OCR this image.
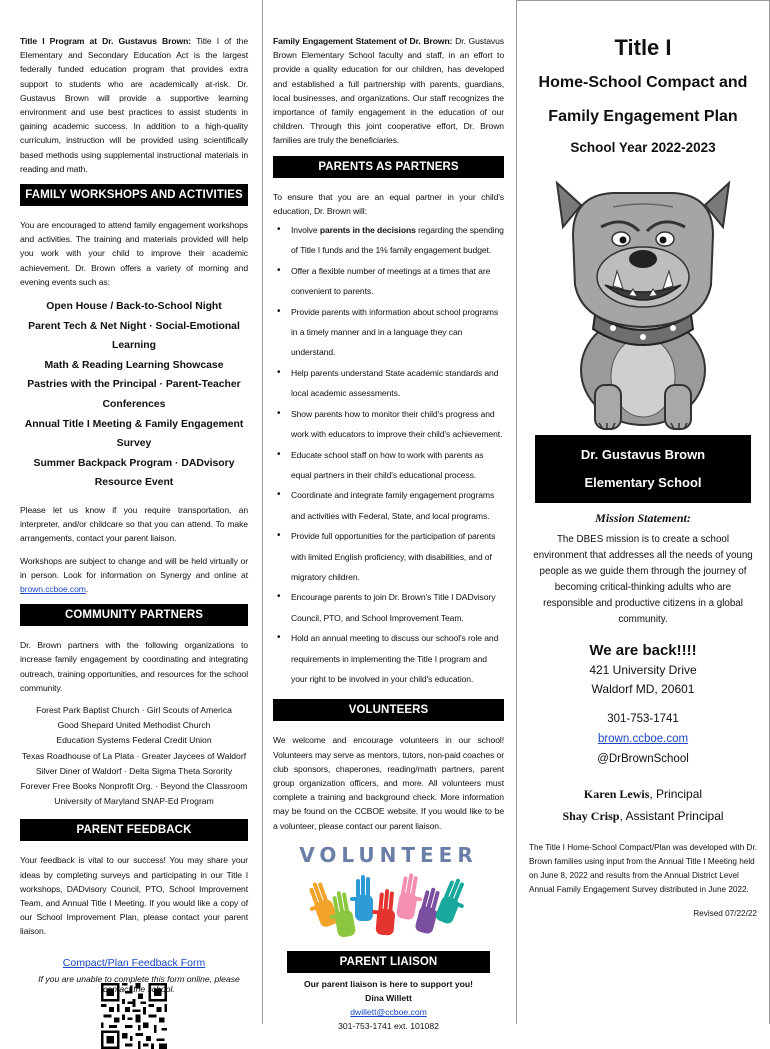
Title I Program at Dr. Gustavus Brown: Title I of the Elementary and Secondary Education Act is the largest federally funded education program that provides extra support to students who are academically at-risk. Dr. Gustavus Brown will provide a supportive learning environment and use best practices to assist students in gaining academic success. In addition to a high-quality curriculum, instruction will be provided using scientifically based methods using supplemental instructional materials in reading and math.

FAMILY WORKSHOPS AND ACTIVITIES

You are encouraged to attend family engagement workshops and activities. The training and materials provided will help you work with your child to improve their academic achievement. Dr. Brown offers a variety of morning and evening events such as:

Open House / Back-to-School Night
Parent Tech & Net Night · Social-Emotional Learning
Math & Reading Learning Showcase
Pastries with the Principal · Parent-Teacher Conferences
Annual Title I Meeting & Family Engagement Survey
Summer Backpack Program · DADvisory Resource Event

Please let us know if you require transportation, an interpreter, and/or childcare so that you can attend. To make arrangements, contact your parent liaison.

Workshops are subject to change and will be held virtually or in person. Look for information on Synergy and online at brown.ccboe.com.

COMMUNITY PARTNERS

Dr. Brown partners with the following organizations to increase family engagement by coordinating and integrating outreach, training opportunities, and resources for the school community.

Forest Park Baptist Church · Girl Scouts of America
Good Shepard United Methodist Church
Education Systems Federal Credit Union
Texas Roadhouse of La Plata · Greater Jaycees of Waldorf
Silver Diner of Waldorf · Delta Sigma Theta Sorority
Forever Free Books Nonprofit Org. · Beyond the Classroom
University of Maryland SNAP-Ed Program
PARENT FEEDBACK

Your feedback is vital to our success! You may share your ideas by completing surveys and participating in our Title I workshops, DADvisory Council, PTO, School Improvement Team, and Annual Title I Meeting. If you would like a copy of our School Improvement Plan, please contact your parent liaison.

Compact/Plan Feedback Form
If you are unable to complete this form online, please contact the school.

Family Engagement Statement of Dr. Brown: Dr. Gustavus Brown Elementary School faculty and staff, in an effort to provide a quality education for our children, has developed and established a full partnership with parents, guardians, local businesses, and organizations. Our staff recognizes the importance of family engagement in the education of our children. Through this joint cooperative effort, Dr. Brown families are truly the beneficiaries.

PARENTS AS PARTNERS

To ensure that you are an equal partner in your child's education, Dr. Brown will:

• Involve parents in the decisions regarding the spending of Title I funds and the 1% family engagement budget.
• Offer a flexible number of meetings at a times that are convenient to parents.
• Provide parents with information about school programs in a timely manner and in a language they can understand.
• Help parents understand State academic standards and local academic assessments.
• Show parents how to monitor their child's progress and work with educators to improve their child's achievement.
• Educate school staff on how to work with parents as equal partners in their child's educational process.
• Coordinate and integrate family engagement programs and activities with Federal, State, and local programs.
• Provide full opportunities for the participation of parents with limited English proficiency, with disabilities, and of migratory children.
• Encourage parents to join Dr. Brown's Title I DADvisory Council, PTO, and School Improvement Team.
• Hold an annual meeting to discuss our school's role and requirements in implementing the Title I program and your right to be involved in your child's education.
VOLUNTEERS

We welcome and encourage volunteers in our school! Volunteers may serve as mentors, tutors, non-paid coaches or club sponsors, chaperones, reading/math partners, parent group organization officers, and more. All volunteers must complete a training and background check. More information may be found on the CCBOE website. If you would like to be a volunteer, please contact our parent liaison.

VOLUNTEER
PARENT LIAISON
Our parent liaison is here to support you!
Dina Willett
dwillett@ccboe.com
301-753-1741 ext. 101082
Title I
Home-School Compact and
Family Engagement Plan
School Year 2022-2023
Dr. Gustavus Brown
Elementary School
Mission Statement:
The DBES mission is to create a school environment that addresses all the needs of young people as we guide them through the journey of becoming critical-thinking adults who are responsible and productive citizens in a global community.
We are back!!!!
421 University Drive
Waldorf MD, 20601
301-753-1741
brown.ccboe.com
@DrBrownSchool
Karen Lewis, Principal
Shay Crisp, Assistant Principal
The Title I Home-School Compact/Plan was developed with Dr. Brown families using input from the Annual Title I Meeting held on June 8, 2022 and results from the Annual District Level Annual Family Engagement Survey distributed in June 2022.
Revised 07/22/22
